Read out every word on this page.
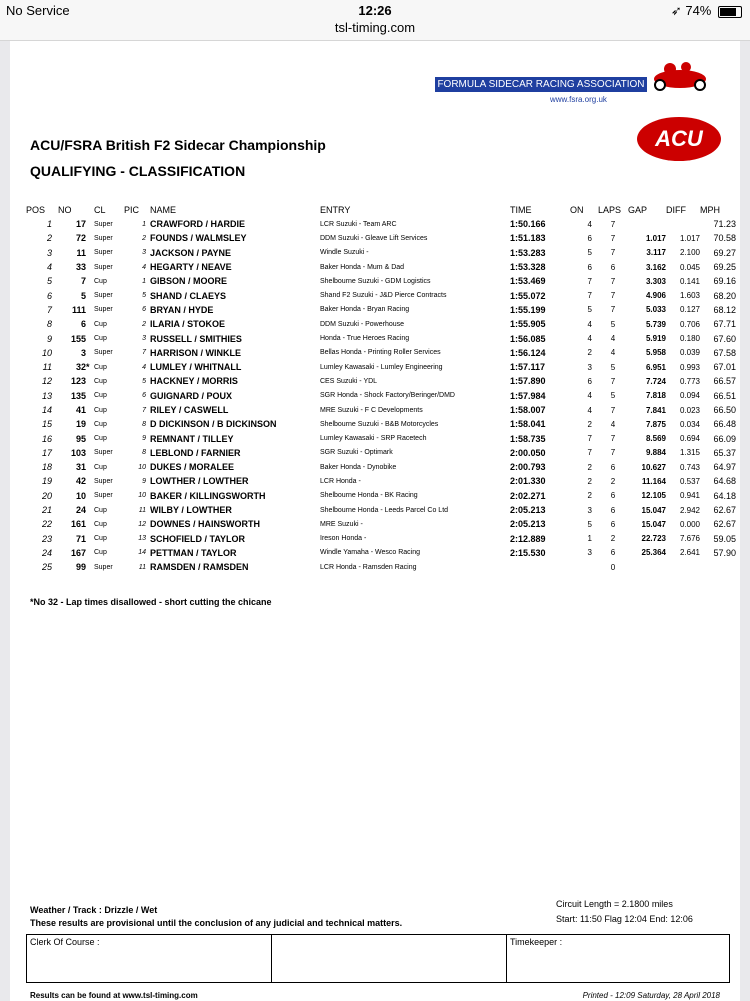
No Service	12:26	➶ 74%
tsl-timing.com
FORMULA SIDECAR RACING ASSOCIATION
www.fsra.org.uk
ACU
ACU/FSRA British F2 Sidecar Championship
QUALIFYING - CLASSIFICATION
POS	NO		CL	PIC	NAME	ENTRY	TIME	ON	LAPS	GAP	DIFF	MPH
1	17		Super	1	CRAWFORD / HARDIE	LCR Suzuki - Team ARC	1:50.166	4	7			71.23
2	72		Super	2	FOUNDS / WALMSLEY	DDM Suzuki - Gleave Lift Services	1:51.183	6	7	1.017	1.017	70.58
3	11		Super	3	JACKSON / PAYNE	Windle Suzuki -	1:53.283	5	7	3.117	2.100	69.27
4	33		Super	4	HEGARTY / NEAVE	Baker Honda - Mum & Dad	1:53.328	6	6	3.162	0.045	69.25
5	7		Cup	1	GIBSON / MOORE	Shelbourne Suzuki - GDM Logistics	1:53.469	7	7	3.303	0.141	69.16
6	5		Super	5	SHAND / CLAEYS	Shand F2 Suzuki - J&D Pierce Contracts	1:55.072	7	7	4.906	1.603	68.20
7	111		Super	6	BRYAN / HYDE	Baker Honda - Bryan Racing	1:55.199	5	7	5.033	0.127	68.12
8	6		Cup	2	ILARIA / STOKOE	DDM Suzuki - Powerhouse	1:55.905	4	5	5.739	0.706	67.71
9	155		Cup	3	RUSSELL / SMITHIES	Honda - True Heroes Racing	1:56.085	4	4	5.919	0.180	67.60
10	3		Super	7	HARRISON / WINKLE	Bellas Honda - Printing Roller Services	1:56.124	2	4	5.958	0.039	67.58
11	32	*	Cup	4	LUMLEY / WHITNALL	Lumley Kawasaki - Lumley Engineering	1:57.117	3	5	6.951	0.993	67.01
12	123		Cup	5	HACKNEY / MORRIS	CES Suzuki - YDL	1:57.890	6	7	7.724	0.773	66.57
13	135		Cup	6	GUIGNARD / POUX	SGR Honda - Shock Factory/Beringer/DMD	1:57.984	4	5	7.818	0.094	66.51
14	41		Cup	7	RILEY / CASWELL	MRE Suzuki - F C Developments	1:58.007	4	7	7.841	0.023	66.50
15	19		Cup	8	D DICKINSON / B DICKINSON	Shelbourne Suzuki - B&B Motorcycles	1:58.041	2	4	7.875	0.034	66.48
16	95		Cup	9	REMNANT / TILLEY	Lumley Kawasaki - SRP Racetech	1:58.735	7	7	8.569	0.694	66.09
17	103		Super	8	LEBLOND / FARNIER	SGR Suzuki - Optimark	2:00.050	7	7	9.884	1.315	65.37
18	31		Cup	10	DUKES / MORALEE	Baker Honda - Dynobike	2:00.793	2	6	10.627	0.743	64.97
19	42		Super	9	LOWTHER / LOWTHER	LCR Honda -	2:01.330	2	2	11.164	0.537	64.68
20	10		Super	10	BAKER / KILLINGSWORTH	Shelbourne Honda - BK Racing	2:02.271	2	6	12.105	0.941	64.18
21	24		Cup	11	WILBY / LOWTHER	Shelbourne Honda - Leeds Parcel Co Ltd	2:05.213	3	6	15.047	2.942	62.67
22	161		Cup	12	DOWNES / HAINSWORTH	MRE Suzuki -	2:05.213	5	6	15.047	0.000	62.67
23	71		Cup	13	SCHOFIELD / TAYLOR	Ireson Honda -	2:12.889	1	2	22.723	7.676	59.05
24	167		Cup	14	PETTMAN / TAYLOR	Windle Yamaha - Wesco Racing	2:15.530	3	6	25.364	2.641	57.90
25	99		Super	11	RAMSDEN / RAMSDEN	LCR Honda - Ramsden Racing			0			
*No 32 - Lap times disallowed - short cutting the chicane
Weather / Track : Drizzle / Wet
These results are provisional until the conclusion of any judicial and technical matters.
Circuit Length = 2.1800 miles
Start: 11:50 Flag 12:04 End: 12:06
Clerk Of Course :	Timekeeper :
Results can be found at www.tsl-timing.com	Printed - 12:09 Saturday, 28 April 2018
